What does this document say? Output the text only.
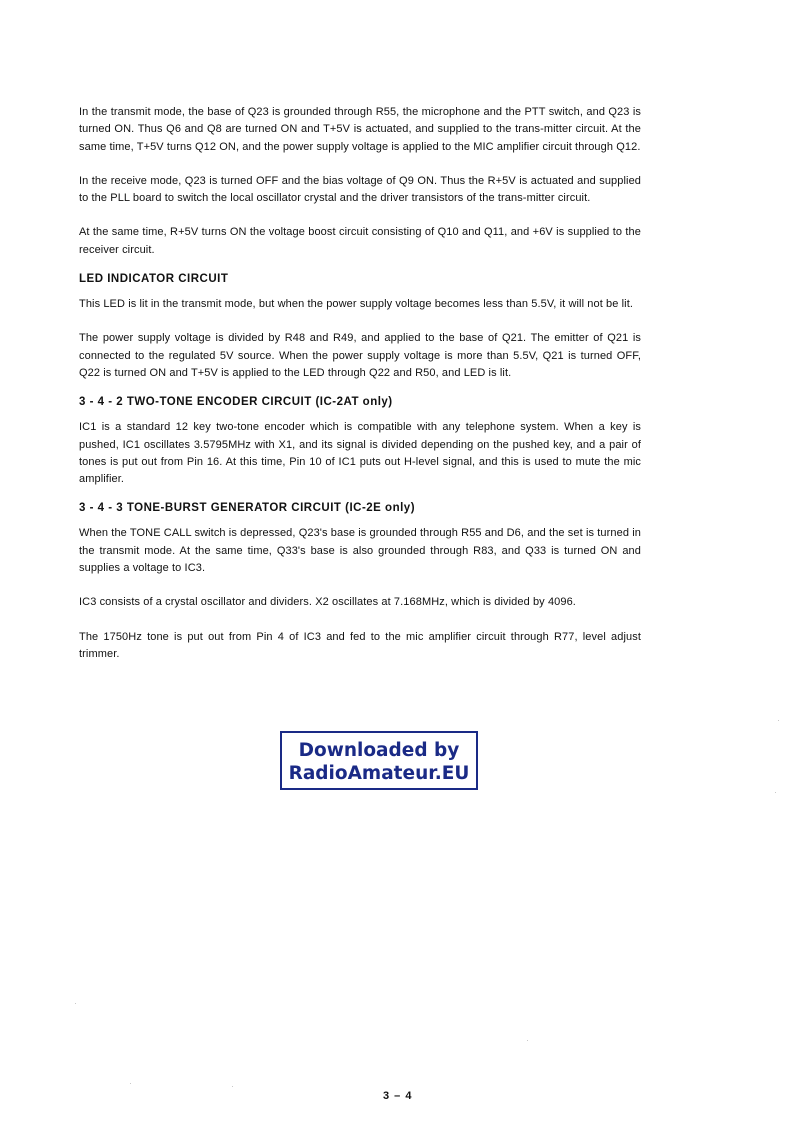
In the transmit mode, the base of Q23 is grounded through R55, the microphone and the PTT switch, and Q23 is turned ON. Thus Q6 and Q8 are turned ON and T+5V is actuated, and supplied to the trans-mitter circuit. At the same time, T+5V turns Q12 ON, and the power supply voltage is applied to the MIC amplifier circuit through Q12.

In the receive mode, Q23 is turned OFF and the bias voltage of Q9 ON. Thus the R+5V is actuated and supplied to the PLL board to switch the local oscillator crystal and the driver transistors of the trans-mitter circuit.

At the same time, R+5V turns ON the voltage boost circuit consisting of Q10 and Q11, and +6V is supplied to the receiver circuit.

LED INDICATOR CIRCUIT

This LED is lit in the transmit mode, but when the power supply voltage becomes less than 5.5V, it will not be lit.

The power supply voltage is divided by R48 and R49, and applied to the base of Q21. The emitter of Q21 is connected to the regulated 5V source. When the power supply voltage is more than 5.5V, Q21 is turned OFF, Q22 is turned ON and T+5V is applied to the LED through Q22 and R50, and LED is lit.

3 - 4 - 2 TWO-TONE ENCODER CIRCUIT (IC-2AT only)

IC1 is a standard 12 key two-tone encoder which is compatible with any telephone system. When a key is pushed, IC1 oscillates 3.5795MHz with X1, and its signal is divided depending on the pushed key, and a pair of tones is put out from Pin 16. At this time, Pin 10 of IC1 puts out H-level signal, and this is used to mute the mic amplifier.

3 - 4 - 3 TONE-BURST GENERATOR CIRCUIT (IC-2E only)

When the TONE CALL switch is depressed, Q23's base is grounded through R55 and D6, and the set is turned in the transmit mode. At the same time, Q33's base is also grounded through R83, and Q33 is turned ON and supplies a voltage to IC3.

IC3 consists of a crystal oscillator and dividers. X2 oscillates at 7.168MHz, which is divided by 4096.

The 1750Hz tone is put out from Pin 4 of IC3 and fed to the mic amplifier circuit through R77, level adjust trimmer.

Downloaded by
RadioAmateur.EU
3 – 4
